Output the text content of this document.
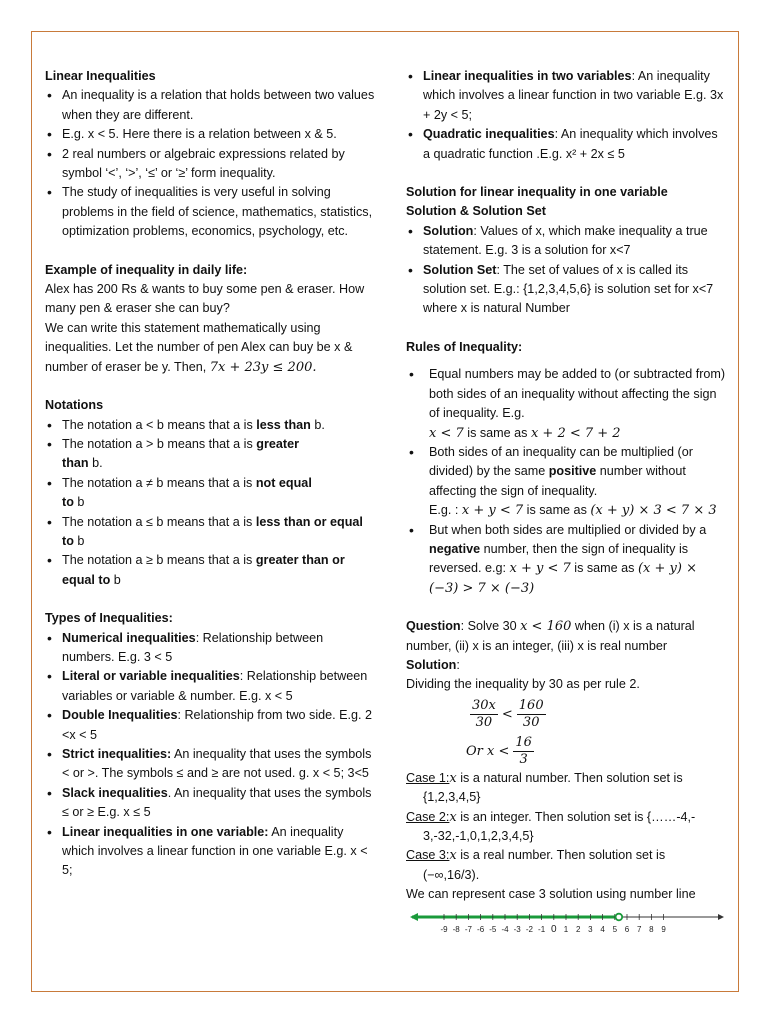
Linear Inequalities
• An inequality is a relation that holds between two values when they are different.
• E.g. x < 5. Here there is a relation between x & 5.
• 2 real numbers or algebraic expressions related by symbol ‘<’, ‘>’, ‘≤’ or ‘≥’ form inequality.
• The study of inequalities is very useful in solving problems in the field of science, mathematics, statistics, optimization problems, economics, psychology, etc.
Example of inequality in daily life:

Alex has 200 Rs & wants to buy some pen & eraser. How many pen & eraser she can buy?

We can write this statement mathematically using inequalities. Let the number of pen Alex can buy be x & number of eraser be y. Then, 7x + 23y ≤ 200.

Notations
• The notation a < b means that a is less than b.
• The notation a > b means that a is greater than b.
• The notation a ≠ b means that a is not equal to b
• The notation a ≤ b means that a is less than or equal to b
• The notation a ≥ b means that a is greater than or equal to b
Types of Inequalities:
• Numerical inequalities: Relationship between numbers. E.g. 3 < 5
• Literal or variable inequalities: Relationship between variables or variable & number. E.g. x < 5
• Double Inequalities: Relationship from two side. E.g. 2 <x < 5
• Strict inequalities: An inequality that uses the symbols < or >. The symbols ≤ and ≥ are not used. g. x < 5; 3<5
• Slack inequalities. An inequality that uses the symbols ≤ or ≥ E.g. x ≤ 5
• Linear inequalities in one variable: An inequality which involves a linear function in one variable E.g. x < 5;
• Linear inequalities in two variables: An inequality which involves a linear function in two variable E.g. 3x + 2y < 5;
• Quadratic inequalities: An inequality which involves a quadratic function .E.g. x² + 2x ≤ 5
Solution for linear inequality in one variable
Solution & Solution Set
• Solution: Values of x, which make inequality a true statement. E.g. 3 is a solution for x<7
• Solution Set: The set of values of x is called its solution set. E.g.: {1,2,3,4,5,6} is solution set for x<7 where x is natural Number
Rules of Inequality:
• Equal numbers may be added to (or subtracted from) both sides of an inequality without affecting the sign of inequality. E.g.
x < 7 is same as x + 2 < 7 + 2
• Both sides of an inequality can be multiplied (or divided) by the same positive number without affecting the sign of inequality.
E.g. : x + y < 7 is same as (x + y) × 3 < 7 × 3
• But when both sides are multiplied or divided by a negative number, then the sign of inequality is reversed. e.g: x + y < 7 is same as (x + y) × (−3) > 7 × (−3)

Question: Solve 30 x < 160 when (i) x is a natural number, (ii) x is an integer, (iii) x is real number

Solution:

Dividing the inequality by 30 as per rule 2.

$\frac{30x}{30} < \frac{160}{30}$
Or $x < \frac{16}{3}$
Case 1:x is a natural number. Then solution set is
{1,2,3,4,5}
Case 2:x is an integer. Then solution set is {……-4,-
3,-32,-1,0,1,2,3,4,5}
Case 3:x is a real number. Then solution set is
(−∞,16/3).

We can represent case 3 solution using number line

-9 -8 -7 -6 -5 -4 -3 -2 -1 0 1 2 3 4 5 6 7 8 9
